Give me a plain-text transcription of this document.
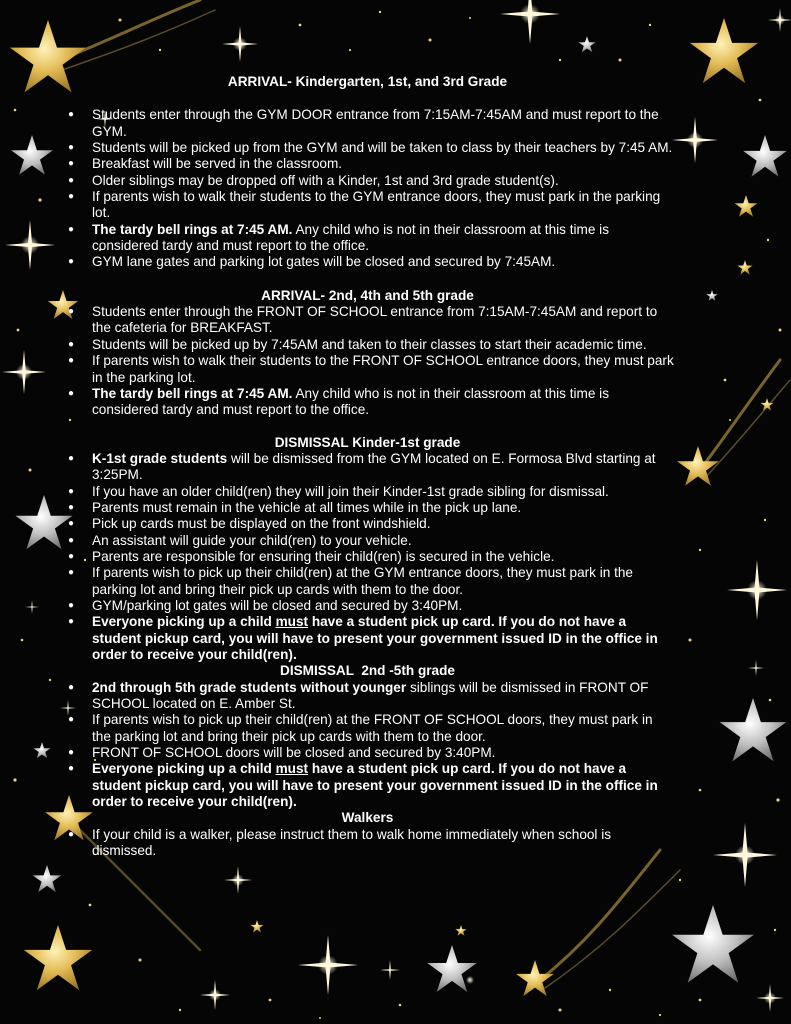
ARRIVAL- Kindergarten, 1st, and 3rd Grade

● Students enter through the GYM DOOR entrance from 7:15AM-7:45AM and must report to the GYM.
● Students will be picked up from the GYM and will be taken to class by their teachers by 7:45 AM.
● Breakfast will be served in the classroom.
● Older siblings may be dropped off with a Kinder, 1st and 3rd grade student(s).
● If parents wish to walk their students to the GYM entrance doors, they must park in the parking lot.
● The tardy bell rings at 7:45 AM. Any child who is not in their classroom at this time is considered tardy and must report to the office.
● GYM lane gates and parking lot gates will be closed and secured by 7:45AM.

ARRIVAL- 2nd, 4th and 5th grade

● Students enter through the FRONT OF SCHOOL entrance from 7:15AM-7:45AM and report to the cafeteria for BREAKFAST.
● Students will be picked up by 7:45AM and taken to their classes to start their academic time.
● If parents wish to walk their students to the FRONT OF SCHOOL entrance doors, they must park in the parking lot.
● The tardy bell rings at 7:45 AM. Any child who is not in their classroom at this time is considered tardy and must report to the office.

DISMISSAL Kinder-1st grade

● K-1st grade students will be dismissed from the GYM located on E. Formosa Blvd starting at 3:25PM.
● If you have an older child(ren) they will join their Kinder-1st grade sibling for dismissal.
● Parents must remain in the vehicle at all times while in the pick up lane.
● Pick up cards must be displayed on the front windshield.
● An assistant will guide your child(ren) to your vehicle.
● Parents are responsible for ensuring their child(ren) is secured in the vehicle.
● If parents wish to pick up their child(ren) at the GYM entrance doors, they must park in the parking lot and bring their pick up cards with them to the door.
● GYM/parking lot gates will be closed and secured by 3:40PM.
● Everyone picking up a child must have a student pick up card. If you do not have a student pickup card, you will have to present your government issued ID in the office in order to receive your child(ren).

DISMISSAL  2nd -5th grade

● 2nd through 5th grade students without younger siblings will be dismissed in FRONT OF SCHOOL located on E. Amber St.
● If parents wish to pick up their child(ren) at the FRONT OF SCHOOL doors, they must park in the parking lot and bring their pick up cards with them to the door.
● FRONT OF SCHOOL doors will be closed and secured by 3:40PM.
● Everyone picking up a child must have a student pick up card. If you do not have a student pickup card, you will have to present your government issued ID in the office in order to receive your child(ren).

Walkers

● If your child is a walker, please instruct them to walk home immediately when school is dismissed.
